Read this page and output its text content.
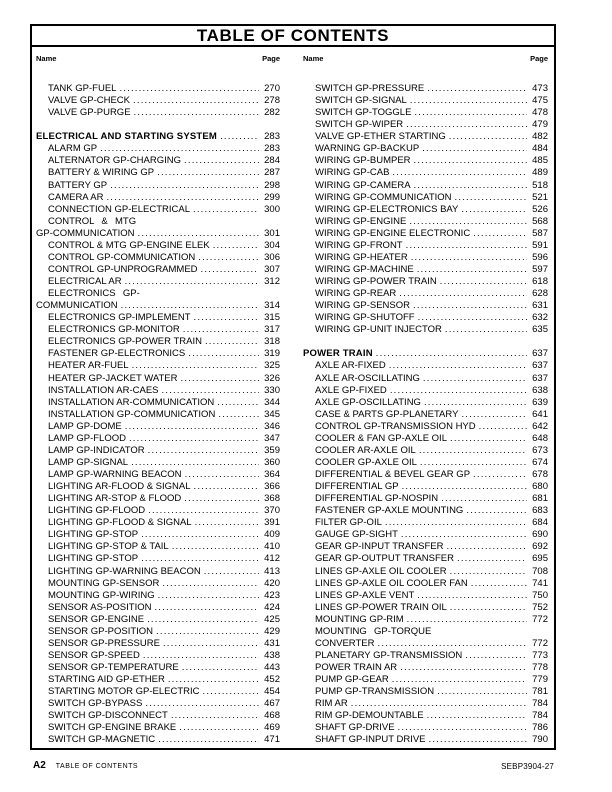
TABLE OF CONTENTS
Name	Page	Name	Page
TANK GP-FUEL .....	270
VALVE GP-CHECK .....	278
VALVE GP-PURGE .....	282
ELECTRICAL AND STARTING SYSTEM .....	283
ALARM GP .....	283
ALTERNATOR GP-CHARGING .....	284
BATTERY & WIRING GP .....	287
BATTERY GP .....	298
CAMERA AR .....	299
CONNECTION GP-ELECTRICAL .....	300
CONTROL  &  MTG
GP-COMMUNICATION .....	301
CONTROL & MTG GP-ENGINE ELEK .....	304
CONTROL GP-COMMUNICATION .....	306
CONTROL GP-UNPROGRAMMED .....	307
ELECTRICAL AR .....	312
ELECTRONICS  GP-
COMMUNICATION .....	314
ELECTRONICS GP-IMPLEMENT .....	315
ELECTRONICS GP-MONITOR .....	317
ELECTRONICS GP-POWER TRAIN .....	318
FASTENER GP-ELECTRONICS .....	319
HEATER AR-FUEL .....	325
HEATER GP-JACKET WATER .....	326
INSTALLATION AR-CAES .....	330
INSTALLATION AR-COMMUNICATION .....	344
INSTALLATION GP-COMMUNICATION .....	345
LAMP GP-DOME .....	346
LAMP GP-FLOOD .....	347
LAMP GP-INDICATOR .....	359
LAMP GP-SIGNAL .....	360
LAMP GP-WARNING BEACON .....	364
LIGHTING AR-FLOOD & SIGNAL .....	366
LIGHTING AR-STOP & FLOOD .....	368
LIGHTING GP-FLOOD .....	370
LIGHTING GP-FLOOD & SIGNAL .....	391
LIGHTING GP-STOP .....	409
LIGHTING GP-STOP & TAIL .....	410
LIGHTING GP-STOP .....	412
LIGHTING GP-WARNING BEACON .....	413
MOUNTING GP-SENSOR .....	420
MOUNTING GP-WIRING .....	423
SENSOR AS-POSITION .....	424
SENSOR GP-ENGINE .....	425
SENSOR GP-POSITION .....	429
SENSOR GP-PRESSURE .....	431
SENSOR GP-SPEED .....	438
SENSOR GP-TEMPERATURE .....	443
STARTING AID GP-ETHER .....	452
STARTING MOTOR GP-ELECTRIC .....	454
SWITCH GP-BYPASS .....	467
SWITCH GP-DISCONNECT .....	468
SWITCH GP-ENGINE BRAKE .....	469
SWITCH GP-MAGNETIC .....	471
SWITCH GP-PRESSURE .....	473
SWITCH GP-SIGNAL .....	475
SWITCH GP-TOGGLE .....	478
SWITCH GP-WIPER .....	479
VALVE GP-ETHER STARTING .....	482
WARNING GP-BACKUP .....	484
WIRING GP-BUMPER .....	485
WIRING GP-CAB .....	489
WIRING GP-CAMERA .....	518
WIRING GP-COMMUNICATION .....	521
WIRING GP-ELECTRONICS BAY .....	526
WIRING GP-ENGINE .....	568
WIRING GP-ENGINE ELECTRONIC .....	587
WIRING GP-FRONT .....	591
WIRING GP-HEATER .....	596
WIRING GP-MACHINE .....	597
WIRING GP-POWER TRAIN .....	618
WIRING GP-REAR .....	628
WIRING GP-SENSOR .....	631
WIRING GP-SHUTOFF .....	632
WIRING GP-UNIT INJECTOR .....	635
POWER TRAIN .....	637
AXLE AR-FIXED .....	637
AXLE AR-OSCILLATING .....	637
AXLE GP-FIXED .....	638
AXLE GP-OSCILLATING .....	639
CASE & PARTS GP-PLANETARY .....	641
CONTROL GP-TRANSMISSION HYD .....	642
COOLER & FAN GP-AXLE OIL .....	648
COOLER AR-AXLE OIL .....	673
COOLER GP-AXLE OIL .....	674
DIFFERENTIAL & BEVEL GEAR GP .....	678
DIFFERENTIAL GP .....	680
DIFFERENTIAL GP-NOSPIN .....	681
FASTENER GP-AXLE MOUNTING .....	683
FILTER GP-OIL .....	684
GAUGE GP-SIGHT .....	690
GEAR GP-INPUT TRANSFER .....	692
GEAR GP-OUTPUT TRANSFER .....	695
LINES GP-AXLE OIL COOLER .....	708
LINES GP-AXLE OIL COOLER FAN .....	741
LINES GP-AXLE VENT .....	750
LINES GP-POWER TRAIN OIL .....	752
MOUNTING GP-RIM .....	772
MOUNTING  GP-TORQUE
CONVERTER .....	772
PLANETARY GP-TRANSMISSION .....	773
POWER TRAIN AR .....	778
PUMP GP-GEAR .....	779
PUMP GP-TRANSMISSION .....	781
RIM AR .....	784
RIM GP-DEMOUNTABLE .....	784
SHAFT GP-DRIVE .....	786
SHAFT GP-INPUT DRIVE .....	790
A2 TABLE OF CONTENTS	SEBP3904-27
